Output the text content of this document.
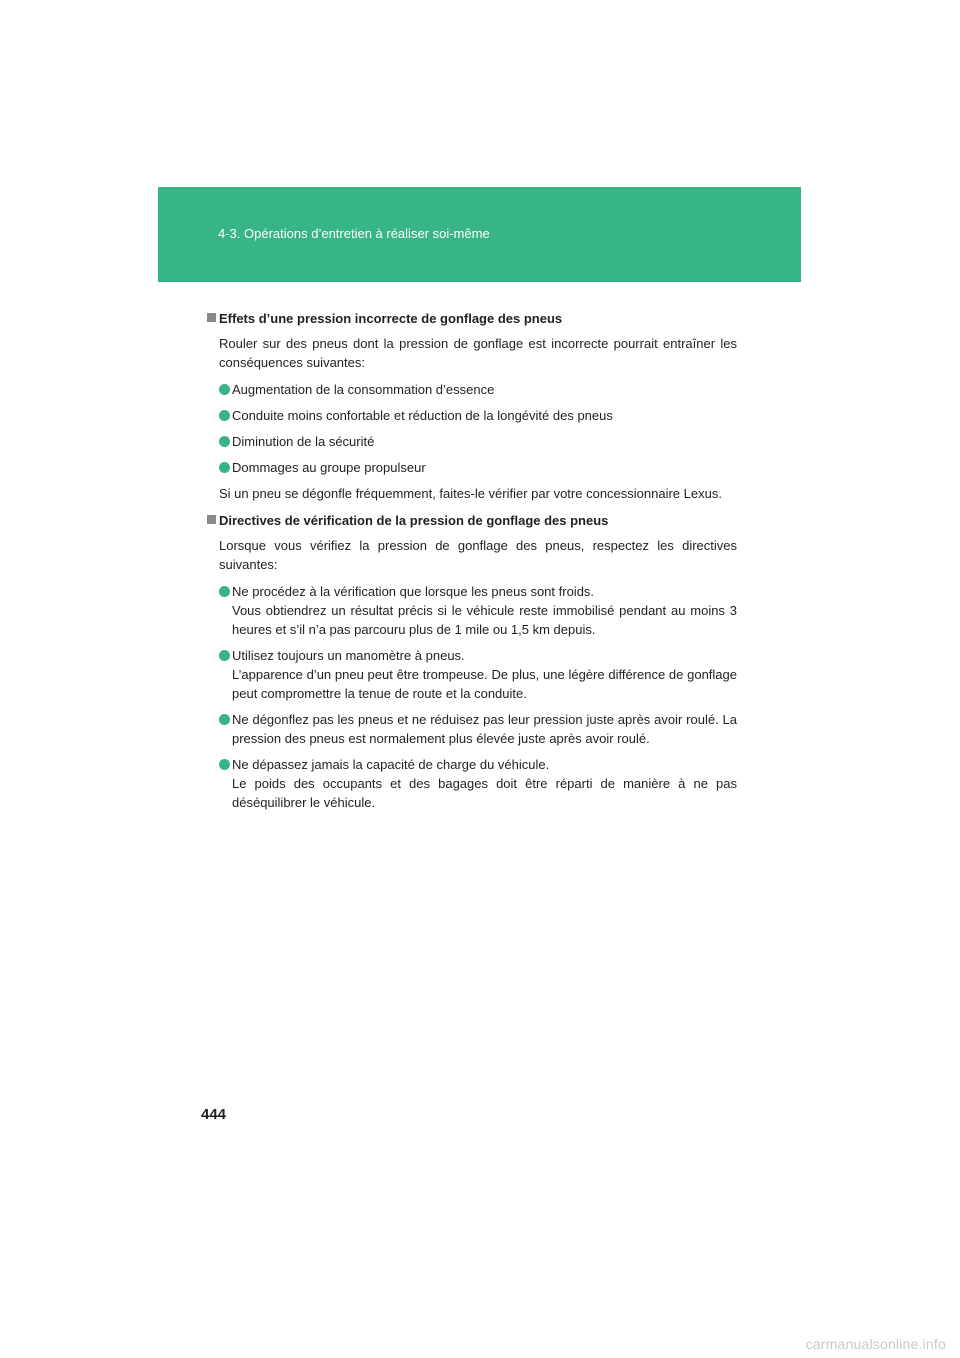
4-3. Opérations d’entretien à réaliser soi-même
Effets d’une pression incorrecte de gonflage des pneus

Rouler sur des pneus dont la pression de gonflage est incorrecte pourrait entraîner les conséquences suivantes:

Augmentation de la consommation d’essence
Conduite moins confortable et réduction de la longévité des pneus
Diminution de la sécurité
Dommages au groupe propulseur

Si un pneu se dégonfle fréquemment, faites-le vérifier par votre concessionnaire Lexus.

Directives de vérification de la pression de gonflage des pneus

Lorsque vous vérifiez la pression de gonflage des pneus, respectez les directives suivantes:

Ne procédez à la vérification que lorsque les pneus sont froids.
Vous obtiendrez un résultat précis si le véhicule reste immobilisé pendant au moins 3 heures et s’il n’a pas parcouru plus de 1 mile ou 1,5 km depuis.
Utilisez toujours un manomètre à pneus.
L’apparence d’un pneu peut être trompeuse. De plus, une légère différence de gonflage peut compromettre la tenue de route et la conduite.
Ne dégonflez pas les pneus et ne réduisez pas leur pression juste après avoir roulé. La pression des pneus est normalement plus élevée juste après avoir roulé.
Ne dépassez jamais la capacité de charge du véhicule.
Le poids des occupants et des bagages doit être réparti de manière à ne pas déséquilibrer le véhicule.
444
carmanualsonline.info
